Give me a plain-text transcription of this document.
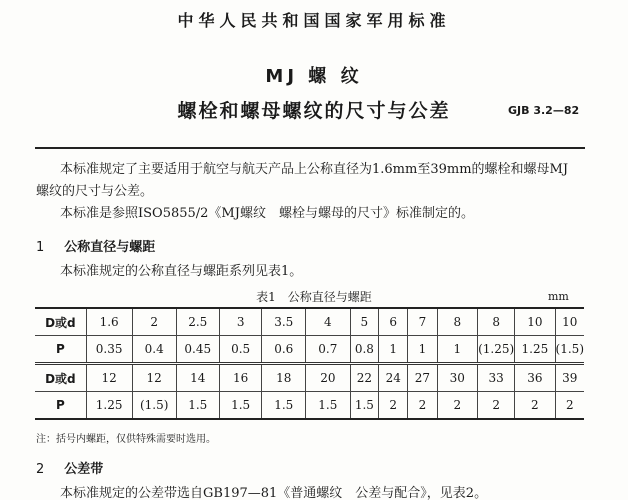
中华人民共和国国家军用标准
MJ 螺 纹
螺栓和螺母螺纹的尺寸与公差	GJB 3.2—82
本标准规定了主要适用于航空与航天产品上公称直径为1.6mm至39mm的螺栓和螺母MJ
螺纹的尺寸与公差。
本标准是参照ISO5855/2《MJ螺纹　螺栓与螺母的尺寸》标准制定的。
1 公称直径与螺距
本标准规定的公称直径与螺距系列见表1。
表1　公称直径与螺距	mm
D或d	1.6	2	2.5	3	3.5	4	5	6	7	8	8	10	10
P	0.35	0.4	0.45	0.5	0.6	0.7	0.8	1	1	1	(1.25)	1.25	(1.5)
D或d	12	12	14	16	18	20	22	24	27	30	33	36	39
P	1.25	(1.5)	1.5	1.5	1.5	1.5	1.5	2	2	2	2	2	2
注：括号内螺距，仅供特殊需要时选用。
2 公差带
本标准规定的公差带选自GB197—81《普通螺纹　公差与配合》，见表2。
